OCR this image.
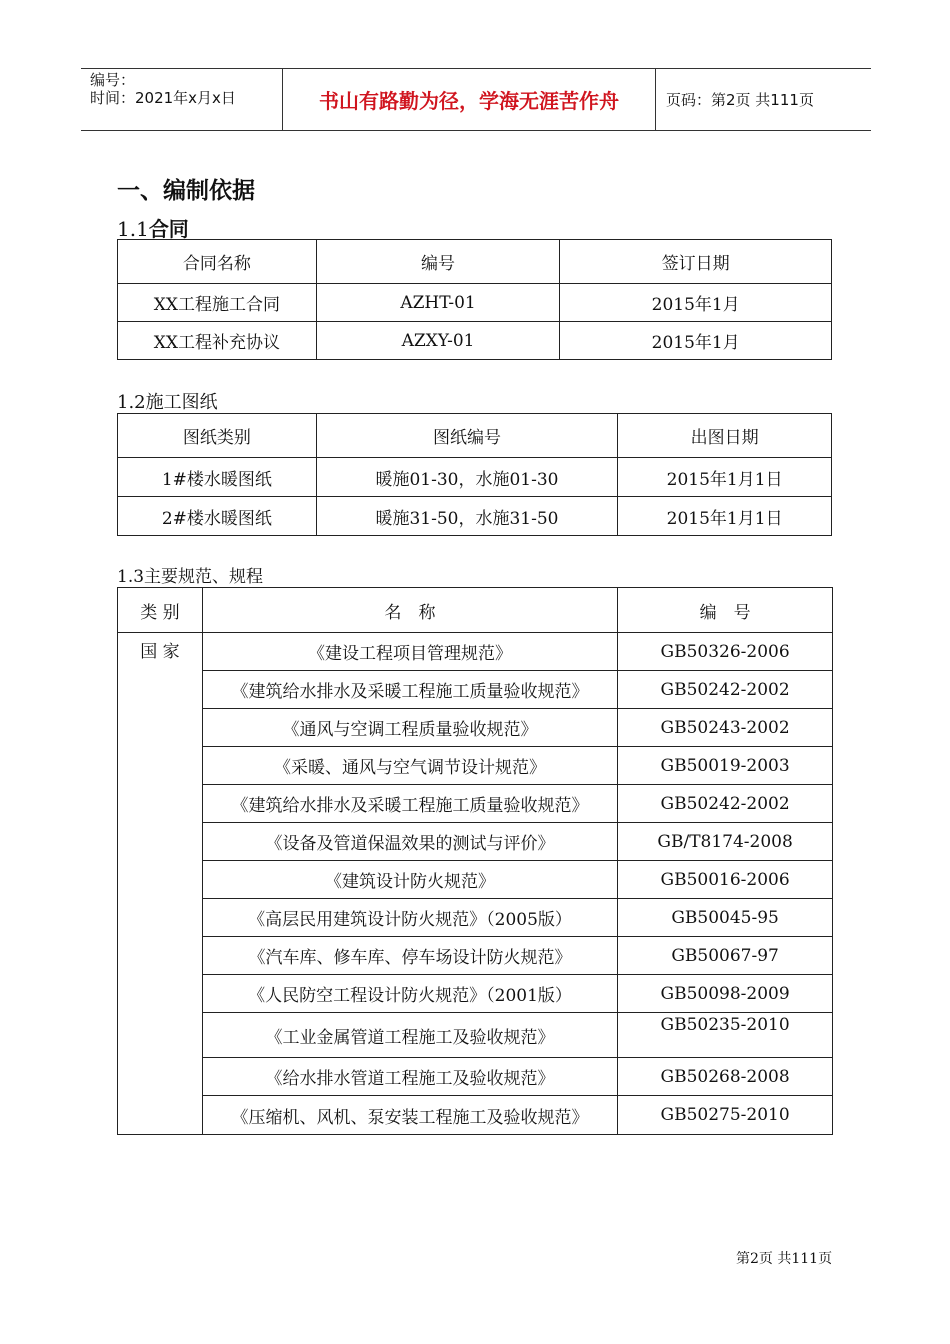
编号：
时间：2021年x月x日	书山有路勤为径，学海无涯苦作舟	页码：第2页 共111页
一、编制依据
1.1合同
合同名称	编号	签订日期
XX工程施工合同	AZHT-01	2015年1月
XX工程补充协议	AZXY-01	2015年1月
1.2施工图纸
图纸类别	图纸编号	出图日期
1#楼水暖图纸	暖施01-30，水施01-30	2015年1月1日
2#楼水暖图纸	暖施31-50，水施31-50	2015年1月1日
1.3主要规范、规程
类 别	名　称	编　号
国 家	《建设工程项目管理规范》	GB50326-2006
	《建筑给水排水及采暖工程施工质量验收规范》	GB50242-2002
	《通风与空调工程质量验收规范》	GB50243-2002
	《采暖、通风与空气调节设计规范》	GB50019-2003
	《建筑给水排水及采暖工程施工质量验收规范》	GB50242-2002
	《设备及管道保温效果的测试与评价》	GB/T8174-2008
	《建筑设计防火规范》	GB50016-2006
	《高层民用建筑设计防火规范》（2005版）	GB50045-95
	《汽车库、修车库、停车场设计防火规范》	GB50067-97
	《人民防空工程设计防火规范》（2001版）	GB50098-2009
	《工业金属管道工程施工及验收规范》	GB50235-2010
	《给水排水管道工程施工及验收规范》	GB50268-2008
	《压缩机、风机、泵安装工程施工及验收规范》	GB50275-2010
第2页 共111页
